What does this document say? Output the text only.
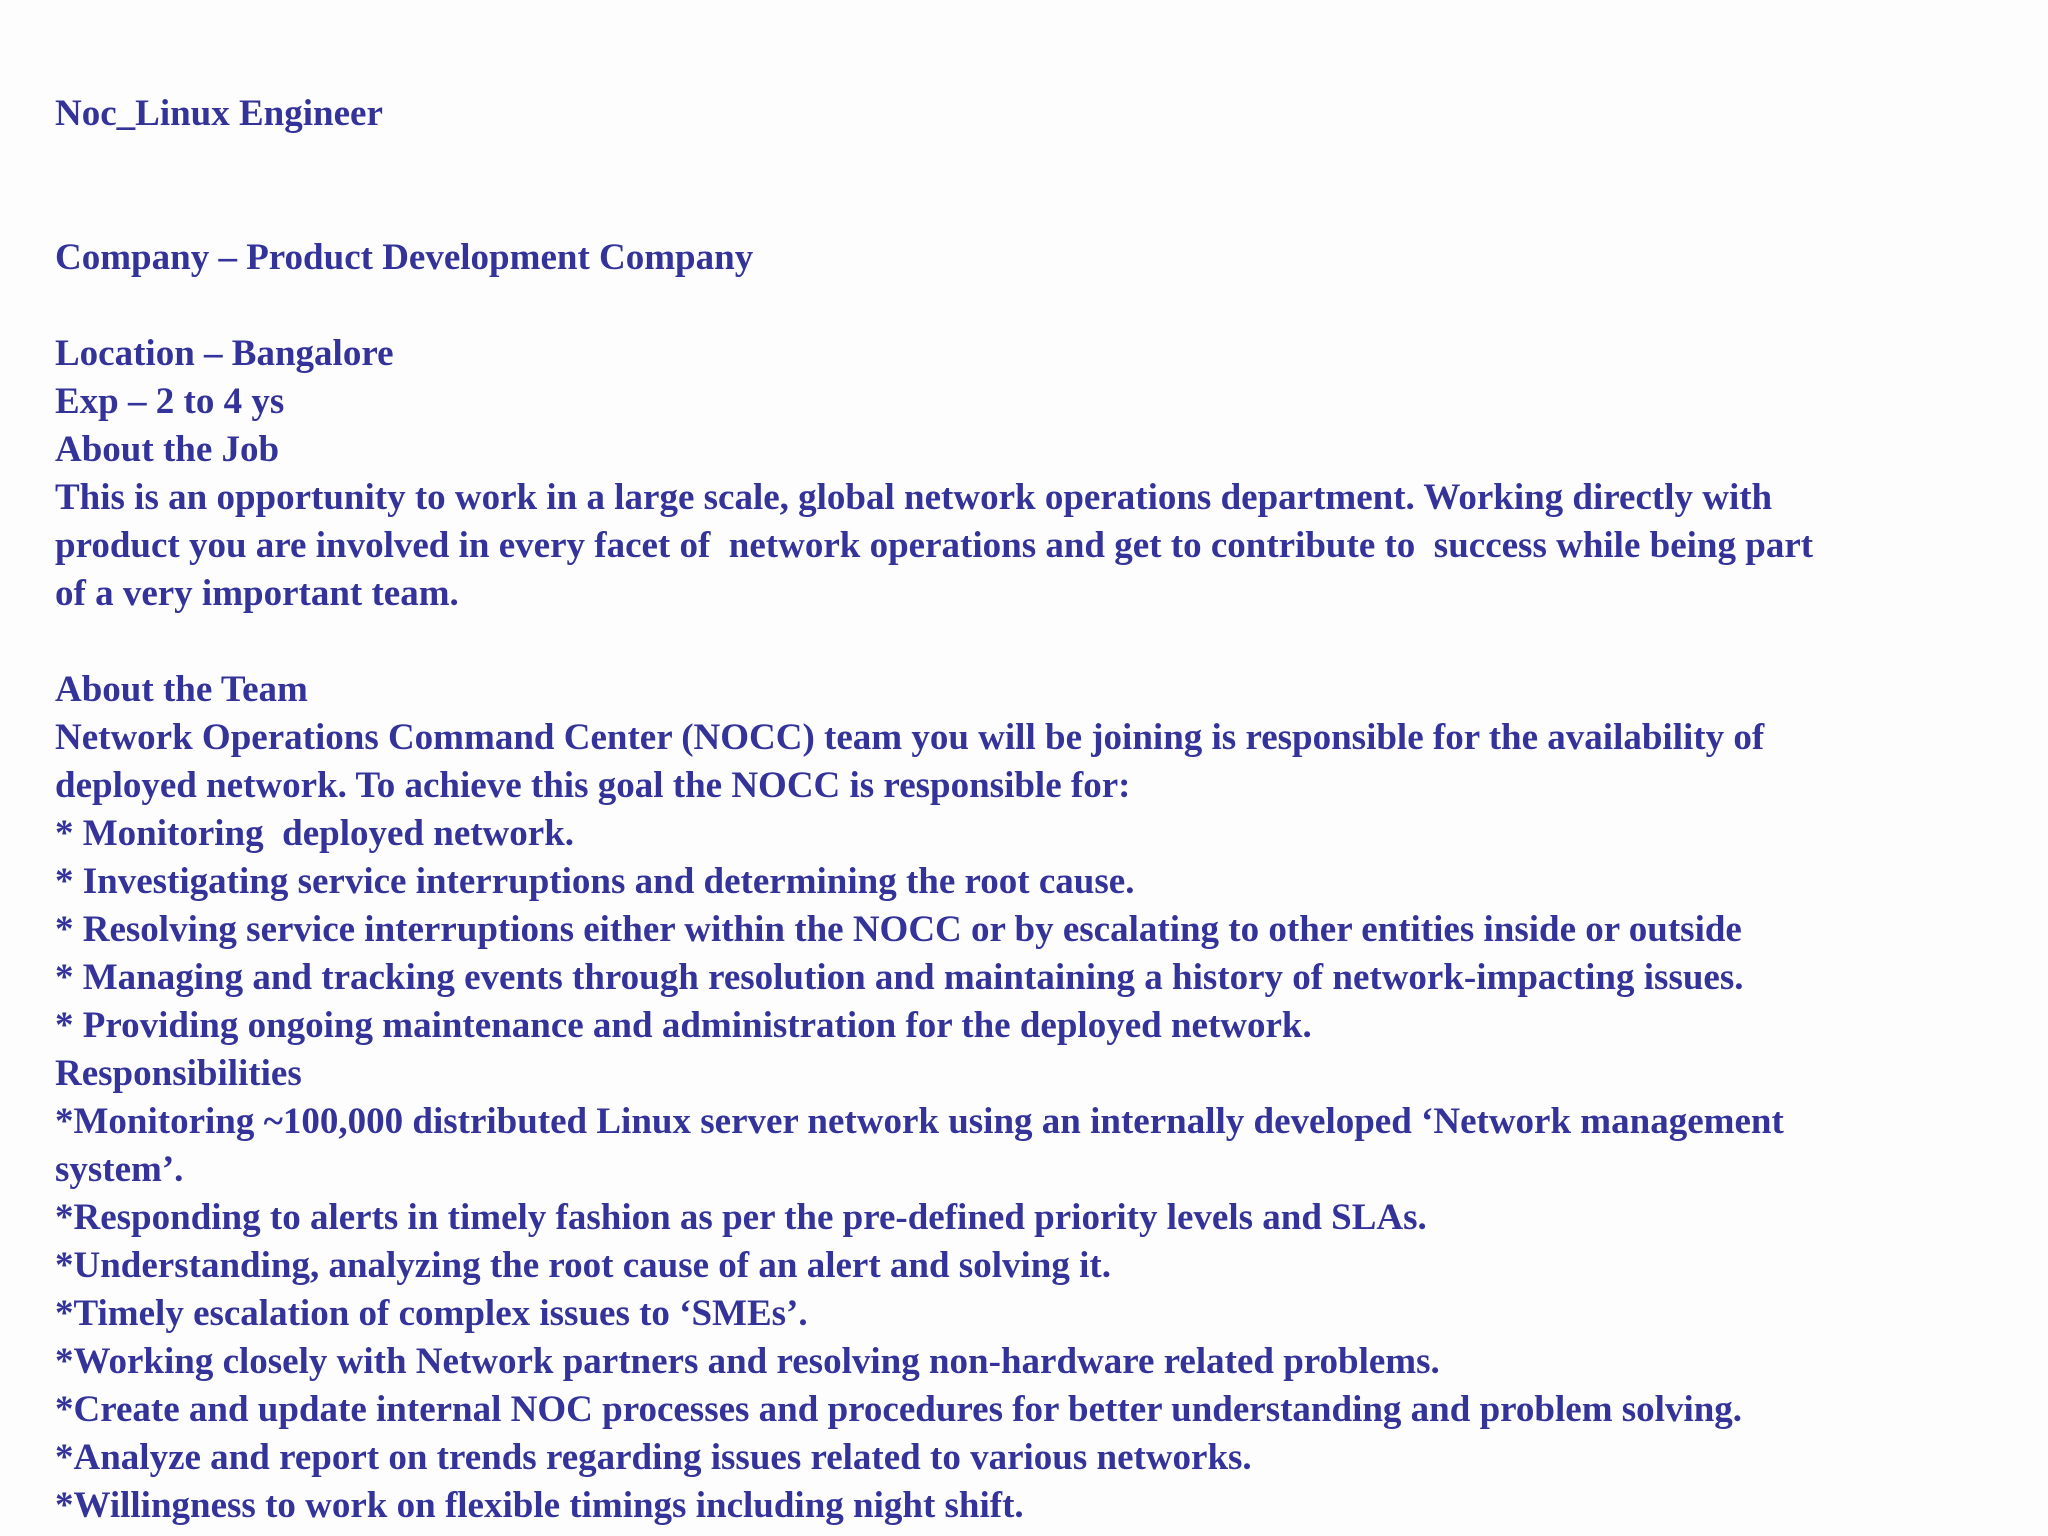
Noc_Linux Engineer
Company – Product Development Company
Location – Bangalore
Exp – 2 to 4 ys
About the Job
This is an opportunity to work in a large scale, global network operations department. Working directly with
product you are involved in every facet of  network operations and get to contribute to  success while being part
of a very important team.
About the Team
Network Operations Command Center (NOCC) team you will be joining is responsible for the availability of
deployed network. To achieve this goal the NOCC is responsible for:
* Monitoring  deployed network.
* Investigating service interruptions and determining the root cause.
* Resolving service interruptions either within the NOCC or by escalating to other entities inside or outside
* Managing and tracking events through resolution and maintaining a history of network-impacting issues.
* Providing ongoing maintenance and administration for the deployed network.
Responsibilities
*Monitoring ~100,000 distributed Linux server network using an internally developed ‘Network management
system’.
*Responding to alerts in timely fashion as per the pre-defined priority levels and SLAs.
*Understanding, analyzing the root cause of an alert and solving it.
*Timely escalation of complex issues to ‘SMEs’.
*Working closely with Network partners and resolving non-hardware related problems.
*Create and update internal NOC processes and procedures for better understanding and problem solving.
*Analyze and report on trends regarding issues related to various networks.
*Willingness to work on flexible timings including night shift.
